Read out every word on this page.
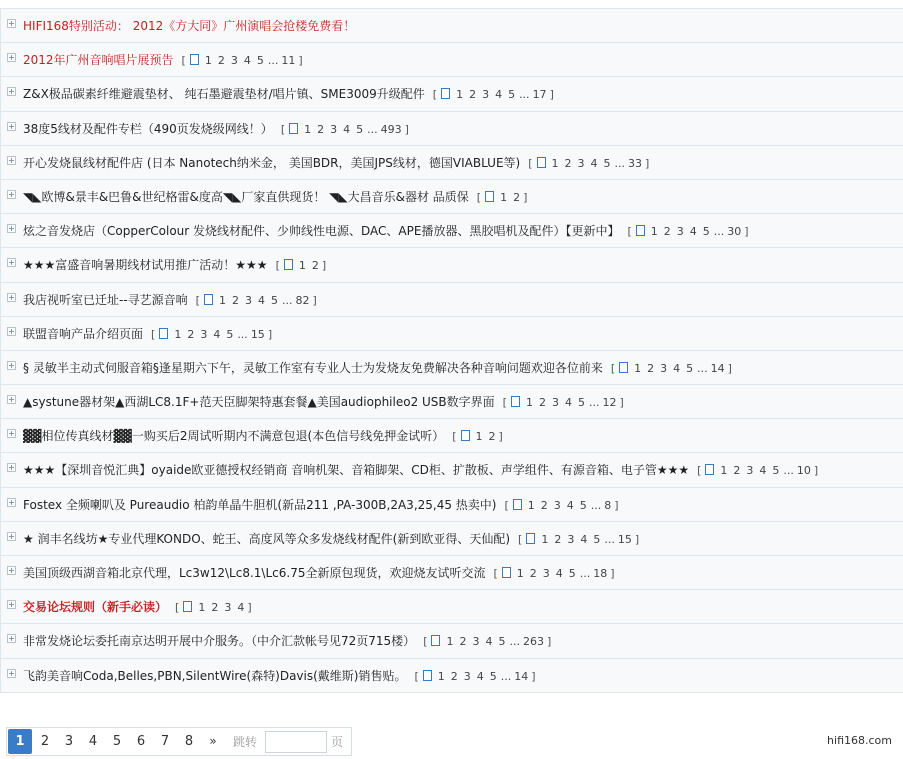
HIFI168特别活动： 2012《方大同》广州演唱会抢楼免费看！
2012年广州音响唱片展预告 [ 1 2 3 4 5 ... 11 ]
Z&X极品碳素纤维避震垫材、 纯石墨避震垫材/唱片镇、SME3009升级配件 [ 1 2 3 4 5 ... 17 ]
38度5线材及配件专栏（490页发烧级网线！） [ 1 2 3 4 5 ... 493 ]
开心发烧鼠线材配件店 (日本 Nanotech纳米金， 美国BDR，美国JPS线材，德国VIABLUE等) [ 1 2 3 4 5 ... 33 ]
◥◣欧博&景丰&巴鲁&世纪格雷&度高◥◣厂家直供现货！ ◥◣大昌音乐&器材 品质保 [ 1 2 ]
炫之音发烧店（CopperColour 发烧线材配件、少帅线性电源、DAC、APE播放器、黑胶唱机及配件）【更新中】 [ 1 2 3 4 5 ... 30 ]
★★★富盛音响暑期线材试用推广活动！★★★ [ 1 2 ]
我店视听室已迁址--寻艺源音响 [ 1 2 3 4 5 ... 82 ]
联盟音响产品介绍页面 [ 1 2 3 4 5 ... 15 ]
§ 灵敏半主动式伺服音箱§逢星期六下午，灵敏工作室有专业人士为发烧友免费解决各种音响问题欢迎各位前来 [ 1 2 3 4 5 ... 14 ]
▲systune器材架▲西湖LC8.1F+范天臣脚架特惠套餐▲美国audiophileo2 USB数字界面 [ 1 2 3 4 5 ... 12 ]
▓▓相位传真线材▓▓一购买后2周试听期内不满意包退(本色信号线免押金试听） [ 1 2 ]
★★★【深圳音悦汇典】oyaide欧亚德授权经销商 音响机架、音箱脚架、CD柜、扩散板、声学组件、有源音箱、电子管★★★ [ 1 2 3 4 5 ... 10 ]
Fostex 全频喇叭及 Pureaudio 柏韵单晶牛胆机(新品211 ,PA-300B,2A3,25,45 热卖中) [ 1 2 3 4 5 ... 8 ]
★ 润丰名线坊★专业代理KONDO、蛇王、高度风等众多发烧线材配件(新到欧亚得、天仙配) [ 1 2 3 4 5 ... 15 ]
美国顶级西湖音箱北京代理，Lc3w12\Lc8.1\Lc6.75全新原包现货，欢迎烧友试听交流 [ 1 2 3 4 5 ... 18 ]
交易论坛规则（新手必读） [ 1 2 3 4 ]
非常发烧论坛委托南京达明开展中介服务。（中介汇款帐号见72页715楼） [ 1 2 3 4 5 ... 263 ]
飞韵美音响Coda,Belles,PBN,SilentWire(森特)Davis(戴维斯)销售贴。 [ 1 2 3 4 5 ... 14 ]
1	2	3	4	5	6	7	8	»	跳转	页	hifi168.com
